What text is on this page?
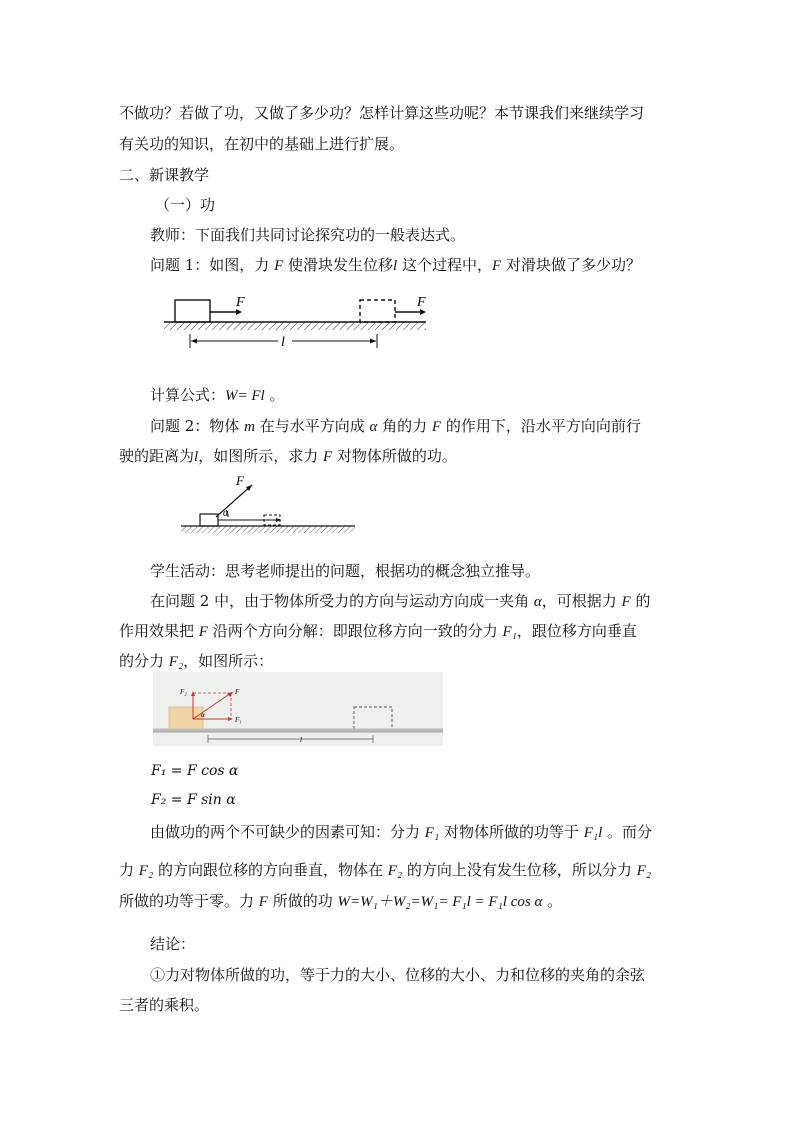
不做功？若做了功，又做了多少功？怎样计算这些功呢？本节课我们来继续学习
有关功的知识，在初中的基础上进行扩展。
二、新课教学
（一）功
教师：下面我们共同讨论探究功的一般表达式。
问题 1：如图，力 F 使滑块发生位移l 这个过程中，F 对滑块做了多少功？
F	F
l
计算公式：W= Fl 。
问题 2：物体 m 在与水平方向成 α 角的力 F 的作用下，沿水平方向向前行
驶的距离为l，如图所示，求力 F 对物体所做的功。
F
α
学生活动：思考老师提出的问题，根据功的概念独立推导。
在问题 2 中，由于物体所受力的方向与运动方向成一夹角 α，可根据力 F 的
作用效果把 F 沿两个方向分解：即跟位移方向一致的分力 F₁，跟位移方向垂直
的分力 F₂，如图所示：
F₂	F
F₁
α
l
F₁ = F cos α
F₂ = F sin α
由做功的两个不可缺少的因素可知：分力 F₁ 对物体所做的功等于 F₁l 。而分
力 F₂ 的方向跟位移的方向垂直，物体在 F₂ 的方向上没有发生位移，所以分力 F₂
所做的功等于零。力 F 所做的功 W=W₁＋W₂=W₁= F₁l = F₁l cos α 。
结论：
①力对物体所做的功，等于力的大小、位移的大小、力和位移的夹角的余弦
三者的乘积。
